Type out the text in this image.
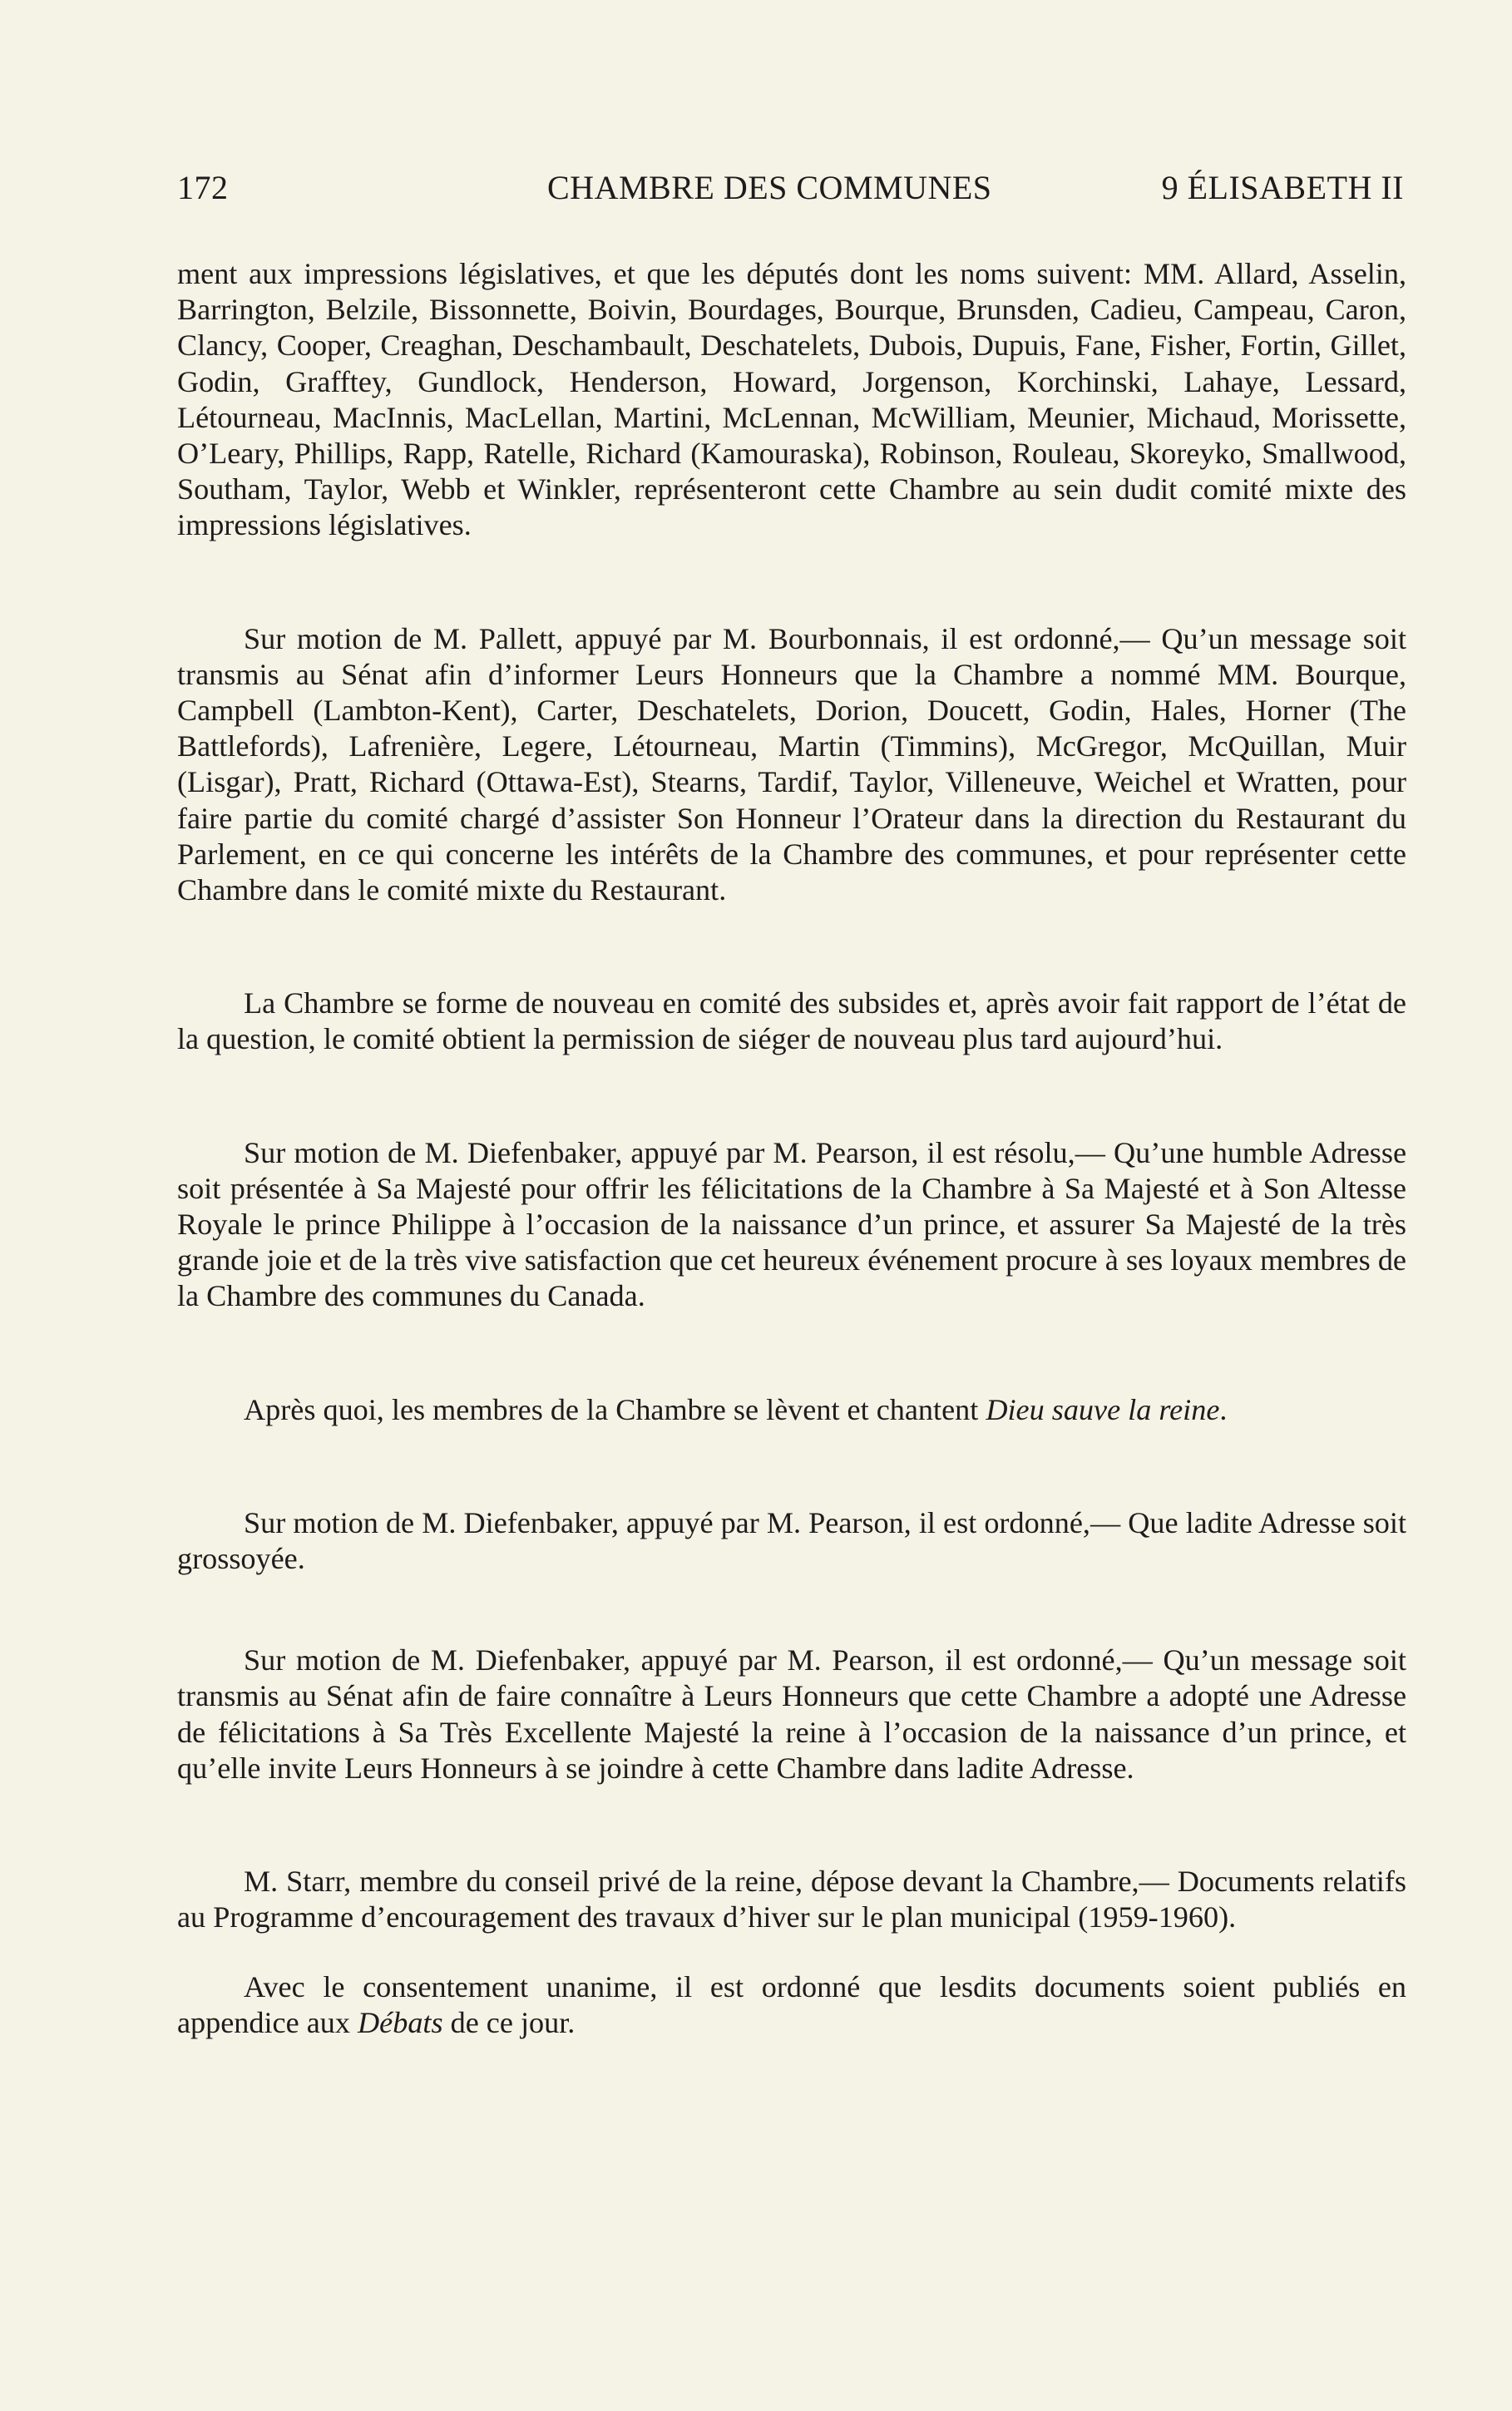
172	CHAMBRE DES COMMUNES	9 ÉLISABETH II

ment aux impressions législatives, et que les députés dont les noms suivent: MM. Allard, Asselin, Barrington, Belzile, Bissonnette, Boivin, Bourdages, Bourque, Brunsden, Cadieu, Campeau, Caron, Clancy, Cooper, Creaghan, Deschambault, Deschatelets, Dubois, Dupuis, Fane, Fisher, Fortin, Gillet, Godin, Grafftey, Gundlock, Henderson, Howard, Jorgenson, Korchinski, Lahaye, Lessard, Létourneau, MacInnis, MacLellan, Martini, McLennan, McWilliam, Meunier, Michaud, Morissette, O’Leary, Phillips, Rapp, Ratelle, Richard (Kamouraska), Robinson, Rouleau, Skoreyko, Smallwood, Southam, Taylor, Webb et Winkler, représenteront cette Chambre au sein dudit comité mixte des impressions législatives.

Sur motion de M. Pallett, appuyé par M. Bourbonnais, il est ordonné,— Qu’un message soit transmis au Sénat afin d’informer Leurs Honneurs que la Chambre a nommé MM. Bourque, Campbell (Lambton-Kent), Carter, Deschatelets, Dorion, Doucett, Godin, Hales, Horner (The Battlefords), Lafrenière, Legere, Létourneau, Martin (Timmins), McGregor, McQuillan, Muir (Lisgar), Pratt, Richard (Ottawa-Est), Stearns, Tardif, Taylor, Villeneuve, Weichel et Wratten, pour faire partie du comité chargé d’assister Son Honneur l’Orateur dans la direction du Restaurant du Parlement, en ce qui concerne les intérêts de la Chambre des communes, et pour représenter cette Chambre dans le comité mixte du Restaurant.

La Chambre se forme de nouveau en comité des subsides et, après avoir fait rapport de l’état de la question, le comité obtient la permission de siéger de nouveau plus tard aujourd’hui.

Sur motion de M. Diefenbaker, appuyé par M. Pearson, il est résolu,— Qu’une humble Adresse soit présentée à Sa Majesté pour offrir les félicitations de la Chambre à Sa Majesté et à Son Altesse Royale le prince Philippe à l’occasion de la naissance d’un prince, et assurer Sa Majesté de la très grande joie et de la très vive satisfaction que cet heureux événement procure à ses loyaux membres de la Chambre des communes du Canada.

Après quoi, les membres de la Chambre se lèvent et chantent Dieu sauve la reine.

Sur motion de M. Diefenbaker, appuyé par M. Pearson, il est ordonné,— Que ladite Adresse soit grossoyée.

Sur motion de M. Diefenbaker, appuyé par M. Pearson, il est ordonné,— Qu’un message soit transmis au Sénat afin de faire connaître à Leurs Honneurs que cette Chambre a adopté une Adresse de félicitations à Sa Très Excellente Majesté la reine à l’occasion de la naissance d’un prince, et qu’elle invite Leurs Honneurs à se joindre à cette Chambre dans ladite Adresse.

M. Starr, membre du conseil privé de la reine, dépose devant la Chambre,— Documents relatifs au Programme d’encouragement des travaux d’hiver sur le plan municipal (1959-1960).

Avec le consentement unanime, il est ordonné que lesdits documents soient publiés en appendice aux Débats de ce jour.
